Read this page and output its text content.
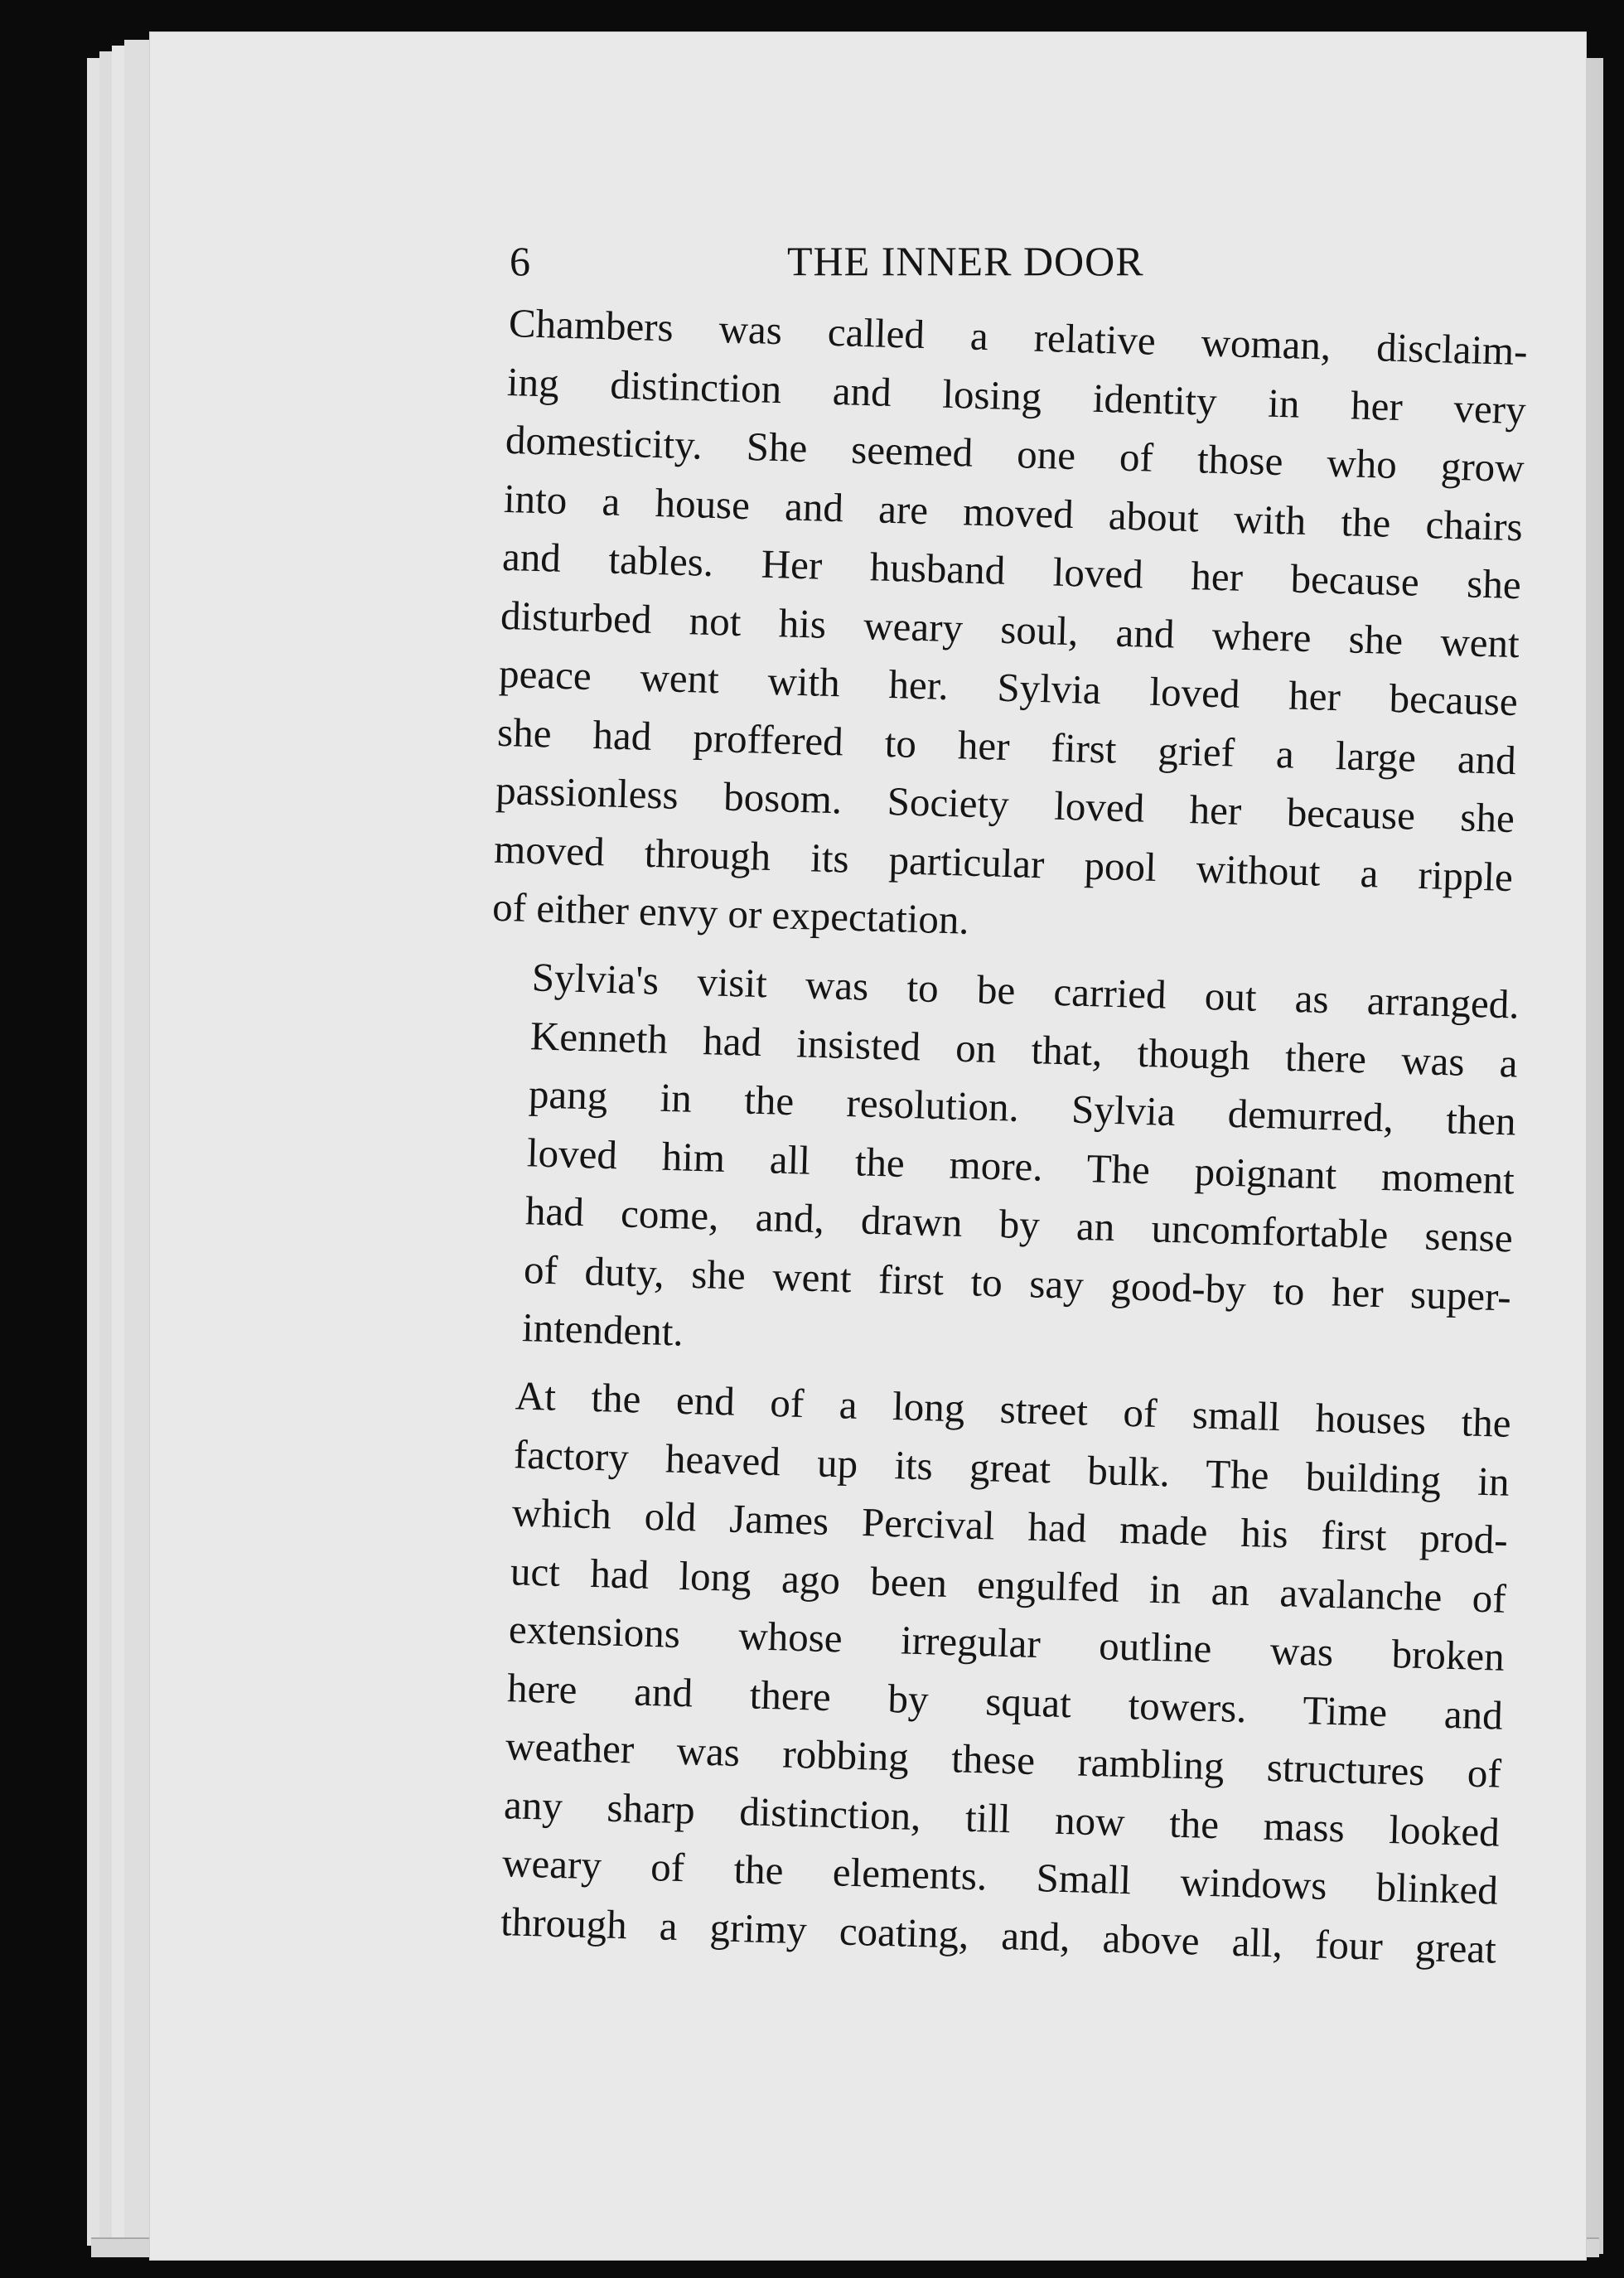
6	THE INNER DOOR
Chambers was called a relative woman, disclaim-
ing distinction and losing identity in her very
domesticity. She seemed one of those who grow
into a house and are moved about with the chairs
and tables. Her husband loved her because she
disturbed not his weary soul, and where she went
peace went with her. Sylvia loved her because
she had proffered to her first grief a large and
passionless bosom. Society loved her because she
moved through its particular pool without a ripple
of either envy or expectation.
Sylvia's visit was to be carried out as arranged.
Kenneth had insisted on that, though there was a
pang in the resolution. Sylvia demurred, then
loved him all the more. The poignant moment
had come, and, drawn by an uncomfortable sense
of duty, she went first to say good-by to her super-
intendent.
At the end of a long street of small houses the
factory heaved up its great bulk. The building in
which old James Percival had made his first prod-
uct had long ago been engulfed in an avalanche of
extensions whose irregular outline was broken
here and there by squat towers. Time and
weather was robbing these rambling structures of
any sharp distinction, till now the mass looked
weary of the elements. Small windows blinked
through a grimy coating, and, above all, four great
